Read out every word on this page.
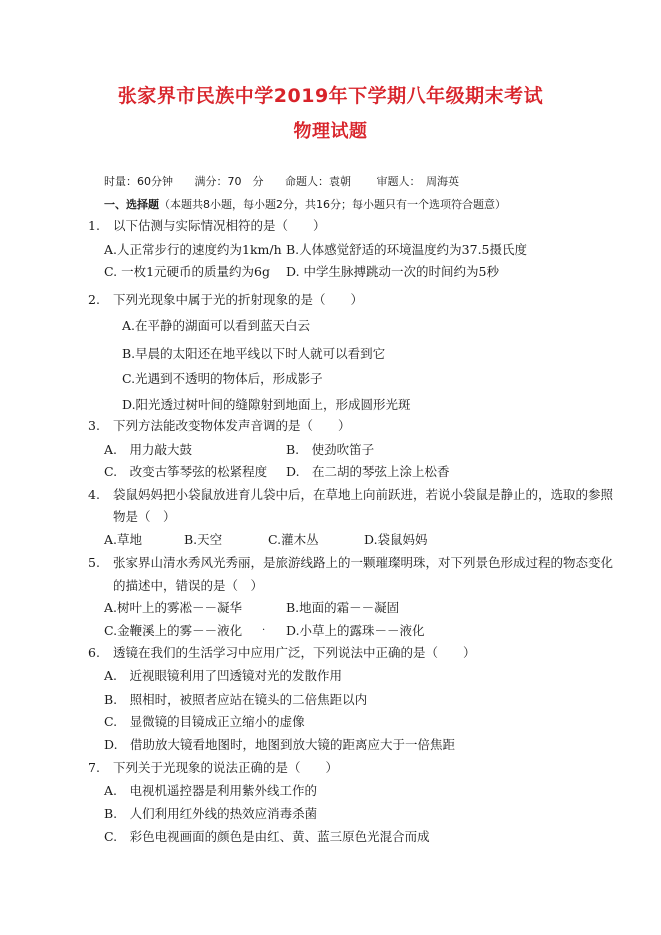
张家界市民族中学2019年下学期八年级期末考试
物理试题
时量：60分钟 满分：70　分 命题人：袁朝 审题人：　周海英
一、选择题（本题共8小题，每小题2分，共16分；每小题只有一个选项符合题意）
1. 以下估测与实际情况相符的是（　　）
A.人正常步行的速度约为1km/h B.人体感觉舒适的环境温度约为37.5摄氏度
C. 一枚1元硬币的质量约为6g D. 中学生脉搏跳动一次的时间约为5秒
2. 下列光现象中属于光的折射现象的是（　　）
A.在平静的湖面可以看到蓝天白云
B.早晨的太阳还在地平线以下时人就可以看到它
C.光遇到不透明的物体后，形成影子
D.阳光透过树叶间的缝隙射到地面上，形成圆形光斑
3. 下列方法能改变物体发声音调的是（　　）
A.　用力敲大鼓	B.　使劲吹笛子
C.　改变古筝琴弦的松紧程度 D.　在二胡的琴弦上涂上松香
4. 袋鼠妈妈把小袋鼠放进育儿袋中后，在草地上向前跃进，若说小袋鼠是静止的，选取的参照
物是（　）
A.草地	B.天空	C.灌木丛	D.袋鼠妈妈
5. 张家界山清水秀风光秀丽，是旅游线路上的一颗璀璨明珠，对下列景色形成过程的物态变化
的描述中，错误的是（　）
A.树叶上的雾凇－－凝华	B.地面的霜－－凝固
C.金鞭溪上的雾－－液化 . D.小草上的露珠－－液化
6. 透镜在我们的生活学习中应用广泛，下列说法中正确的是（　　）
A.　近视眼镜利用了凹透镜对光的发散作用
B.　照相时，被照者应站在镜头的二倍焦距以内
C.　显微镜的目镜成正立缩小的虚像
D.　借助放大镜看地图时，地图到放大镜的距离应大于一倍焦距
7. 下列关于光现象的说法正确的是（　　）
A.　电视机遥控器是利用紫外线工作的
B.　人们利用红外线的热效应消毒杀菌
C.　彩色电视画面的颜色是由红、黄、蓝三原色光混合而成
